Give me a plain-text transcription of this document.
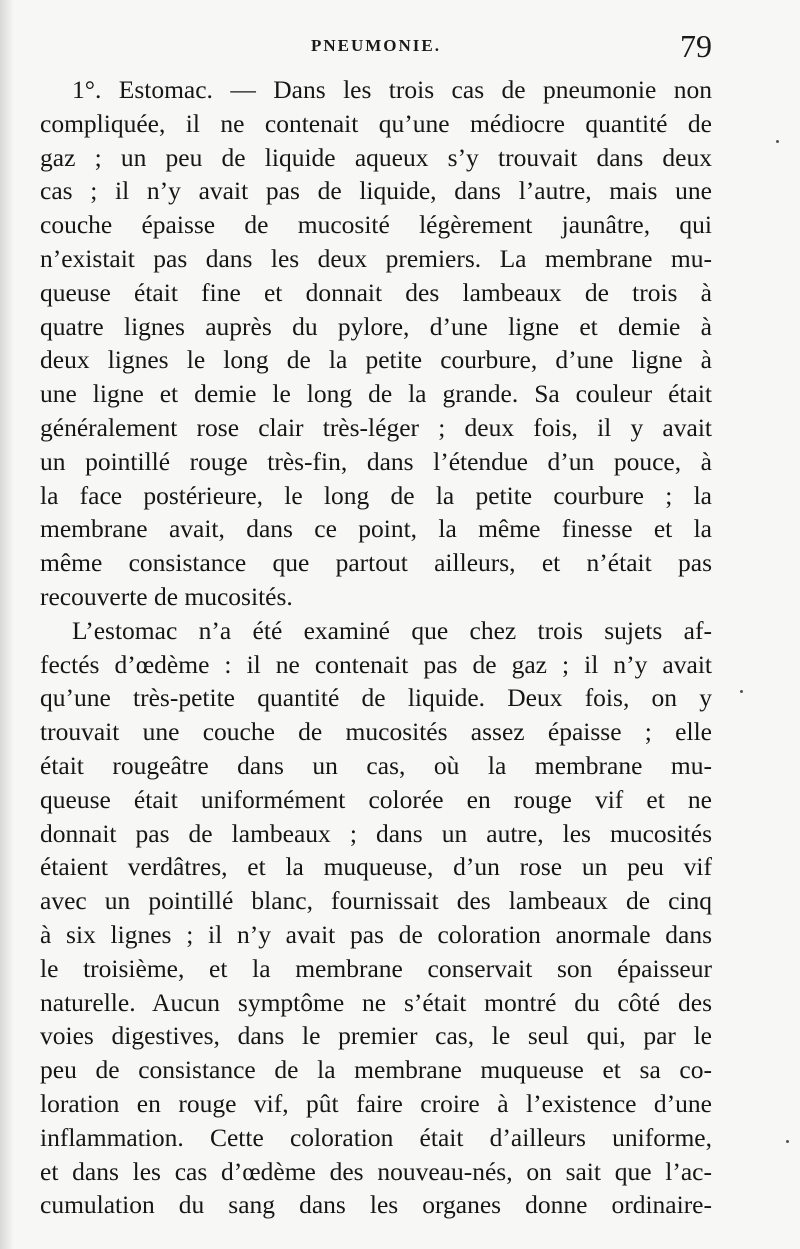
PNEUMONIE.	79
1°. Estomac. — Dans les trois cas de pneumonie non
compliquée, il ne contenait qu’une médiocre quantité de
gaz ; un peu de liquide aqueux s’y trouvait dans deux
cas ; il n’y avait pas de liquide, dans l’autre, mais une
couche épaisse de mucosité légèrement jaunâtre, qui
n’existait pas dans les deux premiers. La membrane mu-
queuse était fine et donnait des lambeaux de trois à
quatre lignes auprès du pylore, d’une ligne et demie à
deux lignes le long de la petite courbure, d’une ligne à
une ligne et demie le long de la grande. Sa couleur était
généralement rose clair très-léger ; deux fois, il y avait
un pointillé rouge très-fin, dans l’étendue d’un pouce, à
la face postérieure, le long de la petite courbure ; la
membrane avait, dans ce point, la même finesse et la
même consistance que partout ailleurs, et n’était pas
recouverte de mucosités.
L’estomac n’a été examiné que chez trois sujets af-
fectés d’œdème : il ne contenait pas de gaz ; il n’y avait
qu’une très-petite quantité de liquide. Deux fois, on y
trouvait une couche de mucosités assez épaisse ; elle
était rougeâtre dans un cas, où la membrane mu-
queuse était uniformément colorée en rouge vif et ne
donnait pas de lambeaux ; dans un autre, les mucosités
étaient verdâtres, et la muqueuse, d’un rose un peu vif
avec un pointillé blanc, fournissait des lambeaux de cinq
à six lignes ; il n’y avait pas de coloration anormale dans
le troisième, et la membrane conservait son épaisseur
naturelle. Aucun symptôme ne s’était montré du côté des
voies digestives, dans le premier cas, le seul qui, par le
peu de consistance de la membrane muqueuse et sa co-
loration en rouge vif, pût faire croire à l’existence d’une
inflammation. Cette coloration était d’ailleurs uniforme,
et dans les cas d’œdème des nouveau-nés, on sait que l’ac-
cumulation du sang dans les organes donne ordinaire-
